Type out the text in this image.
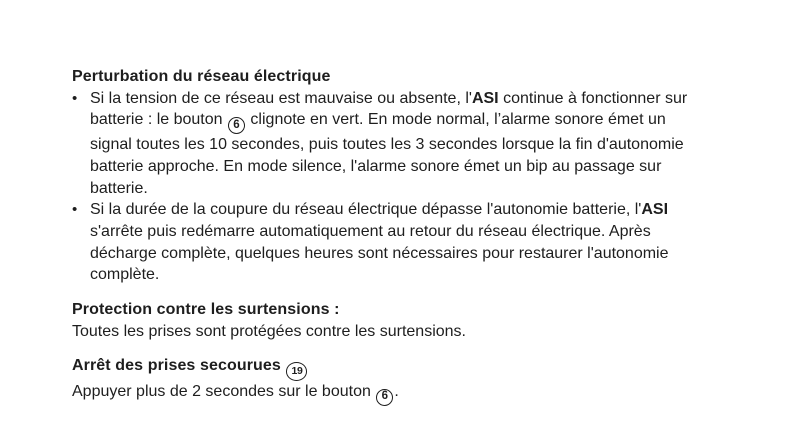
Perturbation du réseau électrique
• Si la tension de ce réseau est mauvaise ou absente, l'ASI continue à fonctionner sur
batterie : le bouton 6 clignote en vert. En mode normal, l’alarme sonore émet un
signal toutes les 10 secondes, puis toutes les 3 secondes lorsque la fin d'autonomie
batterie approche. En mode silence, l'alarme sonore émet un bip au passage sur
batterie.
• Si la durée de la coupure du réseau électrique dépasse l'autonomie batterie, l'ASI
s'arrête puis redémarre automatiquement au retour du réseau électrique. Après
décharge complète, quelques heures sont nécessaires pour restaurer l'autonomie
complète.
Protection contre les surtensions :
Toutes les prises sont protégées contre les surtensions.
Arrêt des prises secourues 19
Appuyer plus de 2 secondes sur le bouton 6 .
